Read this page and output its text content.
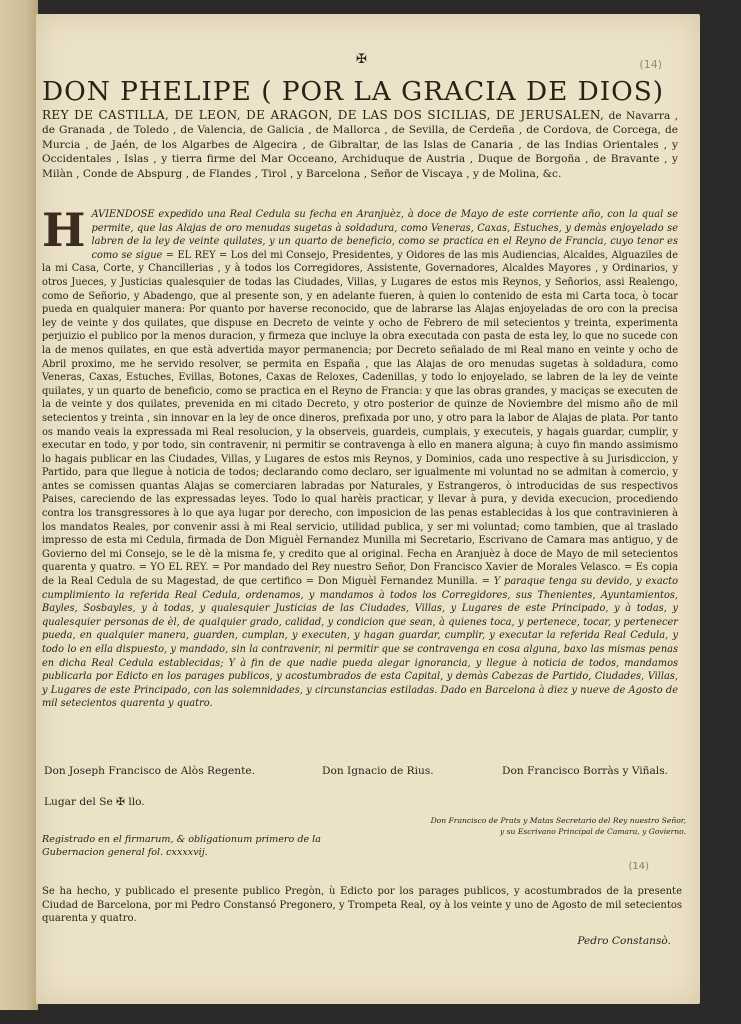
(14)
✠
DON PHELIPE ( POR LA GRACIA DE DIOS)
REY DE CASTILLA, DE LEON, DE ARAGON, DE LAS DOS SICILIAS, DE JERUSALEN, de Navarra , de Granada , de Toledo , de Valencia, de Galicia , de Mallorca , de Sevilla, de Cerdeña , de Cordova, de Corcega, de Murcia , de Jaén, de los Algarbes de Algecira , de Gibraltar, de las Islas de Canaria , de las Indias Orientales , y Occidentales , Islas , y tierra firme del Mar Occeano, Archiduque de Austria , Duque de Borgoña , de Bravante , y Milàn , Conde de Abspurg , de Flandes , Tirol , y Barcelona , Señor de Viscaya , y de Molina, &c.
H AVIENDOSE expedido una Real Cedula su fecha en Aranjuèz, à doce de Mayo de este corriente año, con la qual se permite, que las Alajas de oro menudas sugetas à soldadura, como Veneras, Caxas, Estuches, y demàs enjoyelado se labren de la ley de veinte quilates, y un quarto de beneficio, como se practica en el Reyno de Francia, cuyo tenor es como se sigue = EL REY = Los del mi Consejo, Presidentes, y Oidores de las mis Audiencias, Alcaldes, Alguaziles de la mi Casa, Corte, y Chancillerias , y à todos los Corregidores, Assistente, Governadores, Alcaldes Mayores , y Ordinarios, y otros Jueces, y Justicias qualesquier de todas las Ciudades, Villas, y Lugares de estos mis Reynos, y Señorios, assi Realengo, como de Señorio, y Abadengo, que al presente son, y en adelante fueren, à quien lo contenido de esta mi Carta toca, ò tocar pueda en qualquier manera: Por quanto por haverse reconocido, que de labrarse las Alajas enjoyeladas de oro con la precisa ley de veinte y dos quilates, que dispuse en Decreto de veinte y ocho de Febrero de mil setecientos y treinta, experimenta perjuizio el publico por la menos duracion, y firmeza que incluye la obra executada con pasta de esta ley, lo que no sucede con la de menos quilates, en que està advertida mayor permanencia; por Decreto señalado de mi Real mano en veinte y ocho de Abril proximo, me he servido resolver, se permita en España , que las Alajas de oro menudas sugetas à soldadura, como Veneras, Caxas, Estuches, Evillas, Botones, Caxas de Reloxes, Cadenillas, y todo lo enjoyelado, se labren de la ley de veinte quilates, y un quarto de beneficio, como se practica en el Reyno de Francia: y que las obras grandes, y maciças se executen de la de veinte y dos quilates, prevenida en mi citado Decreto, y otro posterior de quinze de Noviembre del mismo año de mil setecientos y treinta , sin innovar en la ley de once dineros, prefixada por uno, y otro para la labor de Alajas de plata. Por tanto os mando veais la expressada mi Real resolucion, y la observeis, guardeis, cumplais, y executeis, y hagais guardar, cumplir, y executar en todo, y por todo, sin contravenir, ni permitir se contravenga à ello en manera alguna; à cuyo fin mando assimismo lo hagais publicar en las Ciudades, Villas, y Lugares de estos mis Reynos, y Dominios, cada uno respective à su Jurisdiccion, y Partido, para que llegue à noticia de todos; declarando como declaro, ser igualmente mi voluntad no se admitan à comercio, y antes se comissen quantas Alajas se comerciaren labradas por Naturales, y Estrangeros, ò introducidas de sus respectivos Paises, careciendo de las expressadas leyes. Todo lo qual harèis practicar, y llevar à pura, y devida execucion, procediendo contra los transgressores à lo que aya lugar por derecho, con imposicion de las penas establecidas à los que contravinieren à los mandatos Reales, por convenir assi à mi Real servicio, utilidad publica, y ser mi voluntad; como tambien, que al traslado impresso de esta mi Cedula, firmada de Don Miguèl Fernandez Munilla mi Secretario, Escrivano de Camara mas antiguo, y de Govierno del mi Consejo, se le dè la misma fe, y credito que al original. Fecha en Aranjuèz à doce de Mayo de mil setecientos quarenta y quatro. = YO EL REY. = Por mandado del Rey nuestro Señor, Don Francisco Xavier de Morales Velasco. = Es copia de la Real Cedula de su Magestad, de que certifico = Don Miguèl Fernandez Munilla. = Y paraque tenga su devido, y exacto cumplimiento la referida Real Cedula, ordenamos, y mandamos à todos los Corregidores, sus Thenientes, Ayuntamientos, Bayles, Sosbayles, y à todas, y qualesquier Justicias de las Ciudades, Villas, y Lugares de este Principado, y à todas, y qualesquier personas de èl, de qualquier grado, calidad, y condicion que sean, à quienes toca, y pertenece, tocar, y pertenecer pueda, en qualquier manera, guarden, cumplan, y executen, y hagan guardar, cumplir, y executar la referida Real Cedula, y todo lo en ella dispuesto, y mandado, sin la contravenir, ni permitir que se contravenga en cosa alguna, baxo las mismas penas en dicha Real Cedula establecidas; Y à fin de que nadie pueda alegar ignorancia, y llegue à noticia de todos, mandamos publicarla por Edicto en los parages publicos, y acostumbrados de esta Capital, y demàs Cabezas de Partido, Ciudades, Villas, y Lugares de este Principado, con las solemnidades, y circunstancias estiladas. Dado en Barcelona à diez y nueve de Agosto de mil setecientos quarenta y quatro.
Don Joseph Francisco de Alòs Regente.	Don Ignacio de Rius.	Don Francisco Borràs y Viñals.
Lugar del Se ✠ llo.
Don Francisco de Prats y Matas Secretario del Rey nuestro Señor, y su Escrivano Principal de Camara, y Govierno.
Registrado en el firmarum, & obligationum primero de la Gubernacion general fol. cxxxxvij.
(14)
Se ha hecho, y publicado el presente publico Pregòn, ù Edicto por los parages publicos, y acostumbrados de la presente Ciudad de Barcelona, por mi Pedro Constansó Pregonero, y Trompeta Real, oy à los veinte y uno de Agosto de mil setecientos quarenta y quatro.
Pedro Constansò.
